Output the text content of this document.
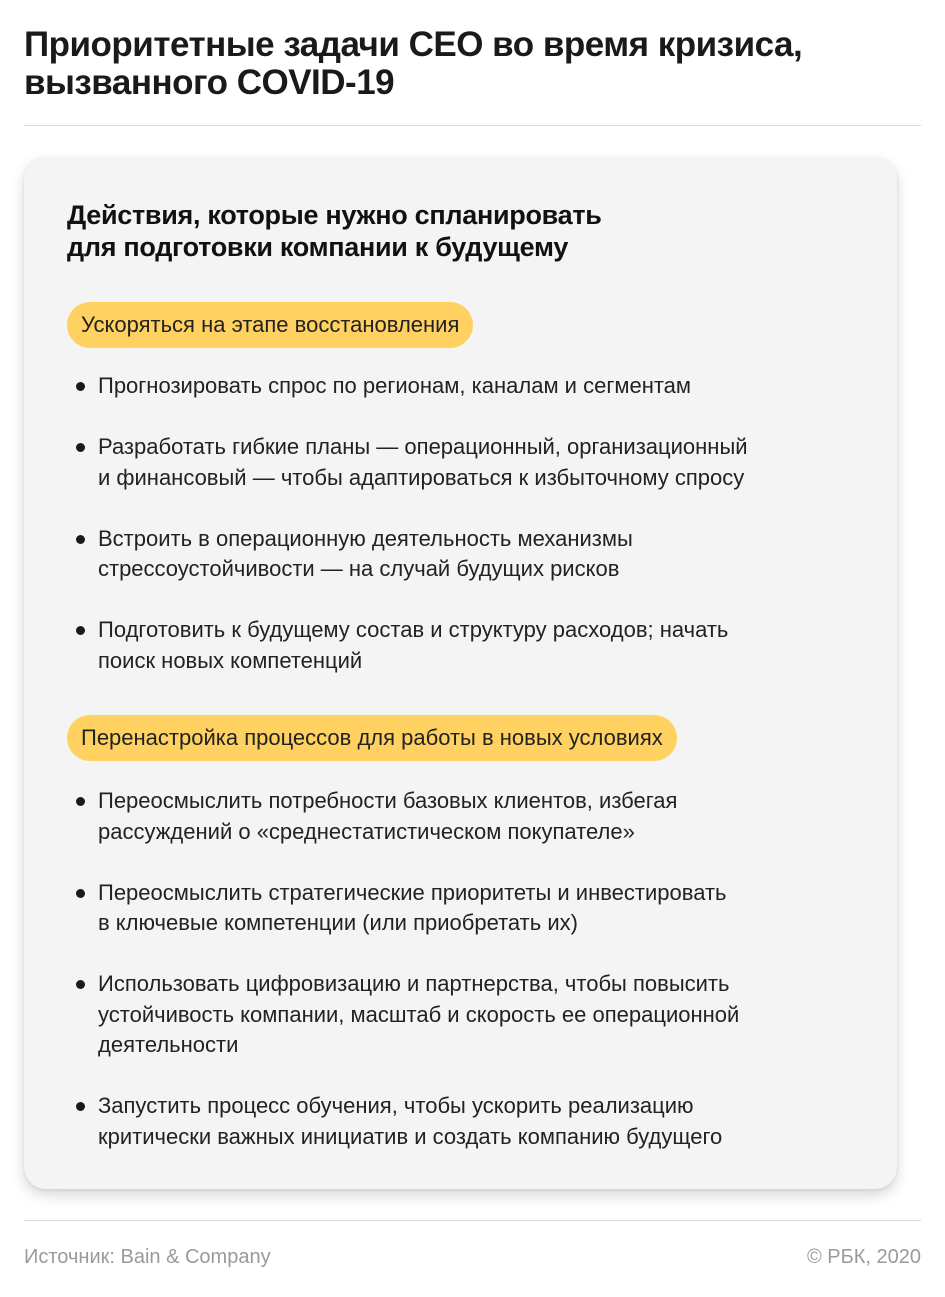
Приоритетные задачи CEO во время кризиса,
вызванного COVID-19
Действия, которые нужно спланировать
для подготовки компании к будущему
Ускоряться на этапе восстановления
Прогнозировать спрос по регионам, каналам и сегментам
Разработать гибкие планы — операционный, организационный
и финансовый — чтобы адаптироваться к избыточному спросу
Встроить в операционную деятельность механизмы
стрессоустойчивости — на случай будущих рисков
Подготовить к будущему состав и структуру расходов; начать
поиск новых компетенций
Перенастройка процессов для работы в новых условиях
Переосмыслить потребности базовых клиентов, избегая
рассуждений о «среднестатистическом покупателе»
Переосмыслить стратегические приоритеты и инвестировать
в ключевые компетенции (или приобретать их)
Использовать цифровизацию и партнерства, чтобы повысить
устойчивость компании, масштаб и скорость ее операционной
деятельности
Запустить процесс обучения, чтобы ускорить реализацию
критически важных инициатив и создать компанию будущего
Источник: Bain & Company	© РБК, 2020
